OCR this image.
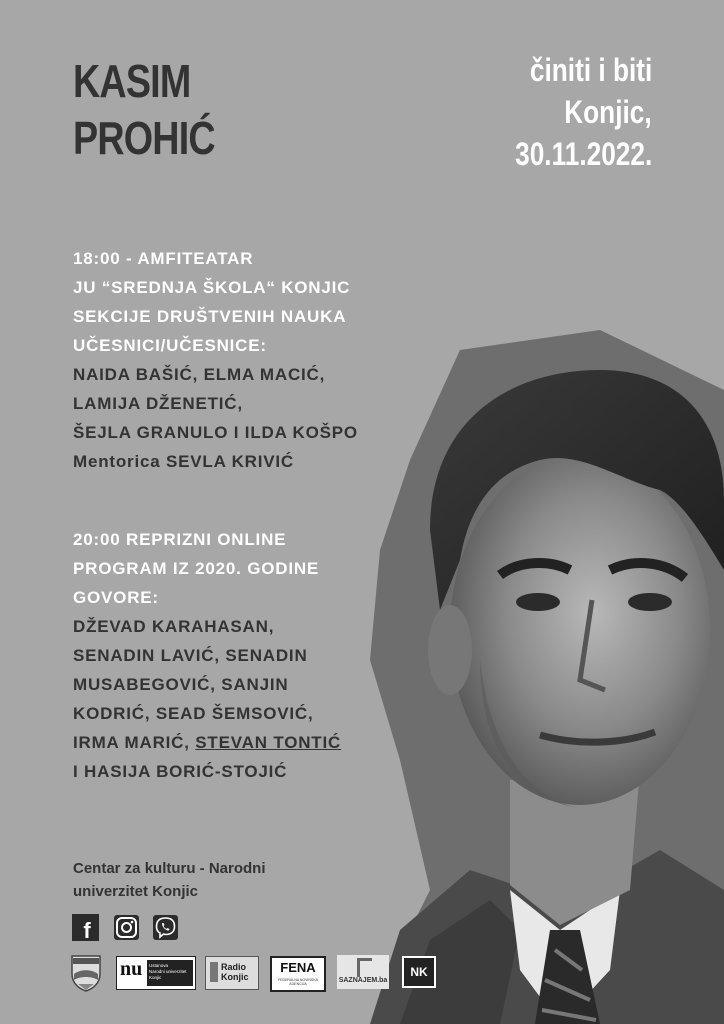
KASIM
PROHIĆ
činiti i biti
Konjic,
30.11.2022.
18:00 - AMFITEATAR
JU “SREDNJA ŠKOLA“ KONJIC
SEKCIJE DRUŠTVENIH NAUKA
UČESNICI/UČESNICE:
NAIDA BAŠIĆ, ELMA MACIĆ,
LAMIJA DŽENETIĆ,
ŠEJLA GRANULO I ILDA KOŠPO
Mentorica SEVLA KRIVIĆ
20:00 REPRIZNI ONLINE
PROGRAM IZ 2020. GODINE
GOVORE:
DŽEVAD KARAHASAN,
SENADIN LAVIĆ, SENADIN
MUSABEGOVIĆ, SANJIN
KODRIĆ, SEAD ŠEMSOVIĆ,
IRMA MARIĆ, STEVAN TONTIĆ
I HASIJA BORIĆ-STOJIĆ
Centar za kulturu - Narodni
univerzitet Konjic
f
nu Ustanova
Narodni univerzitet
Konjic
Radio
Konjic
FENA
FEDERALNA NOVINSKA AGENCIJA	SAZNAJEM.ba
NK
